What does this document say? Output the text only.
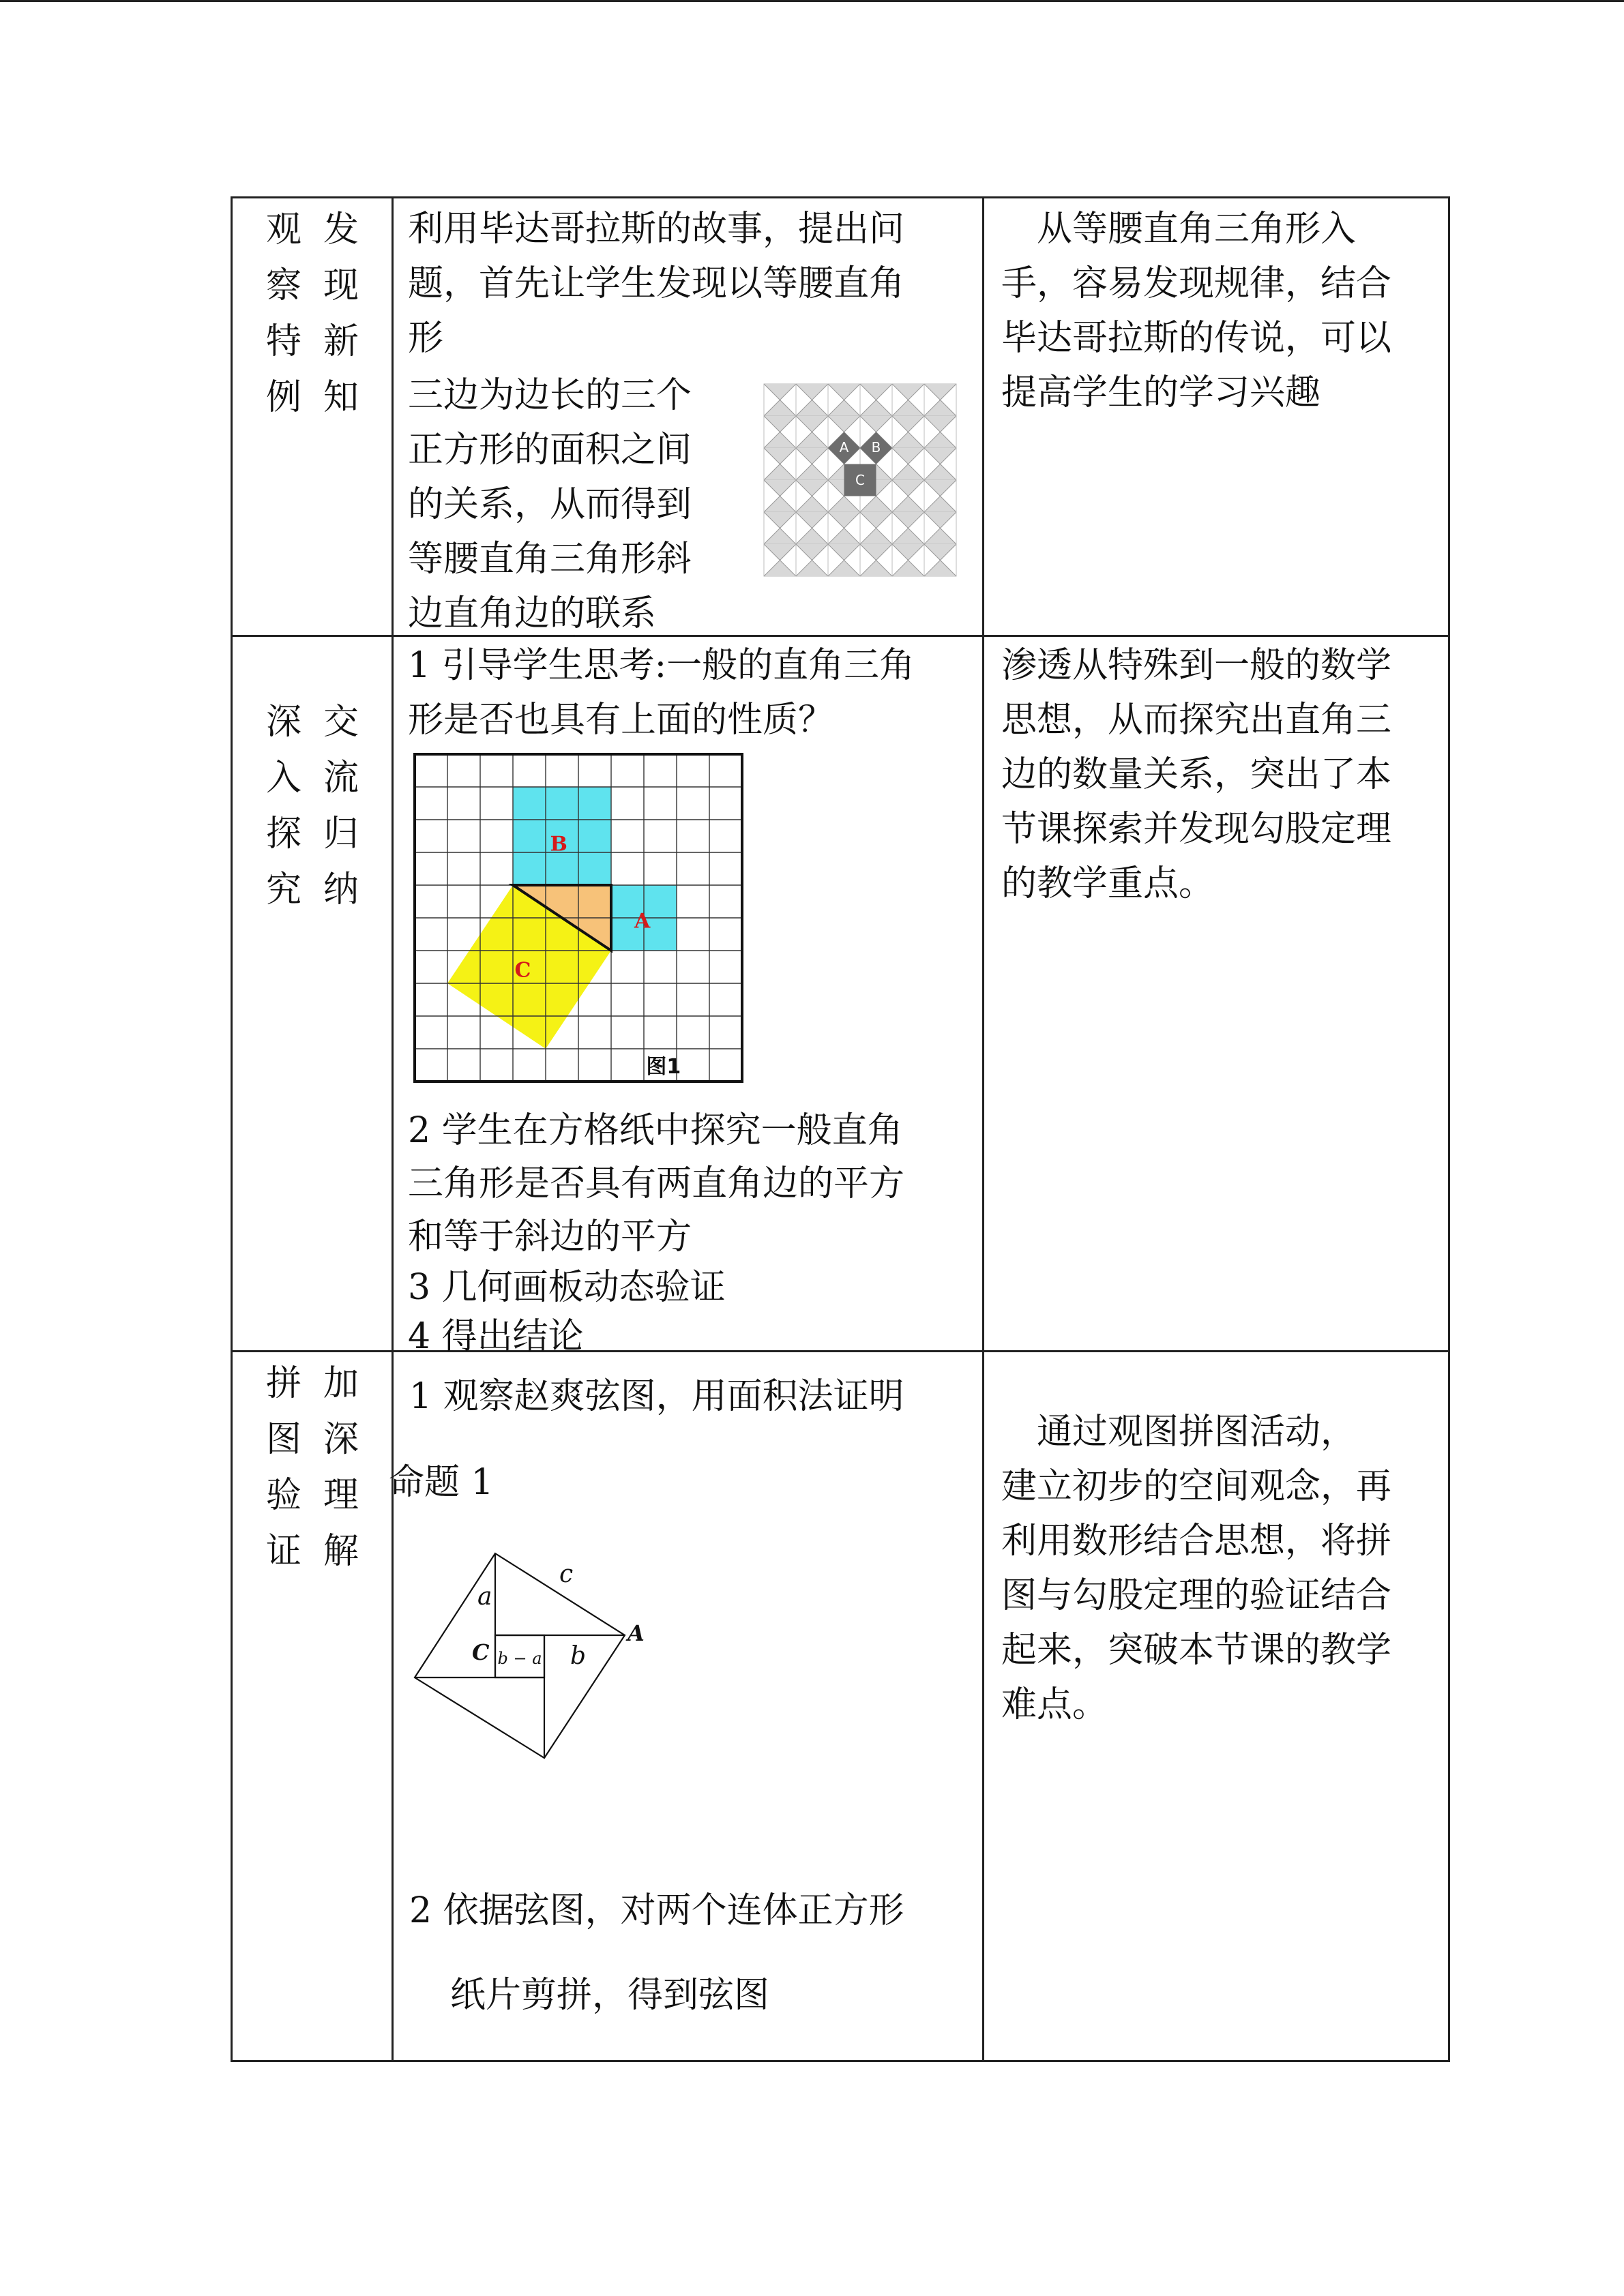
观
察
特
例
发
现
新
知
利用毕达哥拉斯的故事，提出问
题，首先让学生发现以等腰直角
形
三边为边长的三个
正方形的面积之间
的关系，从而得到
等腰直角三角形斜
边直角边的联系
A B
C
　从等腰直角三角形入
手，容易发现规律，结合
毕达哥拉斯的传说，可以
提高学生的学习兴趣
深
入
探
究
交
流
归
纳
1 引导学生思考:一般的直角三角
形是否也具有上面的性质？
B
A
C
图1
2 学生在方格纸中探究一般直角
三角形是否具有两直角边的平方
和等于斜边的平方
3 几何画板动态验证
4 得出结论
渗透从特殊到一般的数学
思想，从而探究出直角三
边的数量关系，突出了本
节课探索并发现勾股定理
的教学重点。
拼
图
验
证
加
深
理
解
1 观察赵爽弦图，用面积法证明
命题 1
a
c
C b − a b
A
2 依据弦图，对两个连体正方形
纸片剪拼，得到弦图
　通过观图拼图活动，
建立初步的空间观念，再
利用数形结合思想，将拼
图与勾股定理的验证结合
起来，突破本节课的教学
难点。
